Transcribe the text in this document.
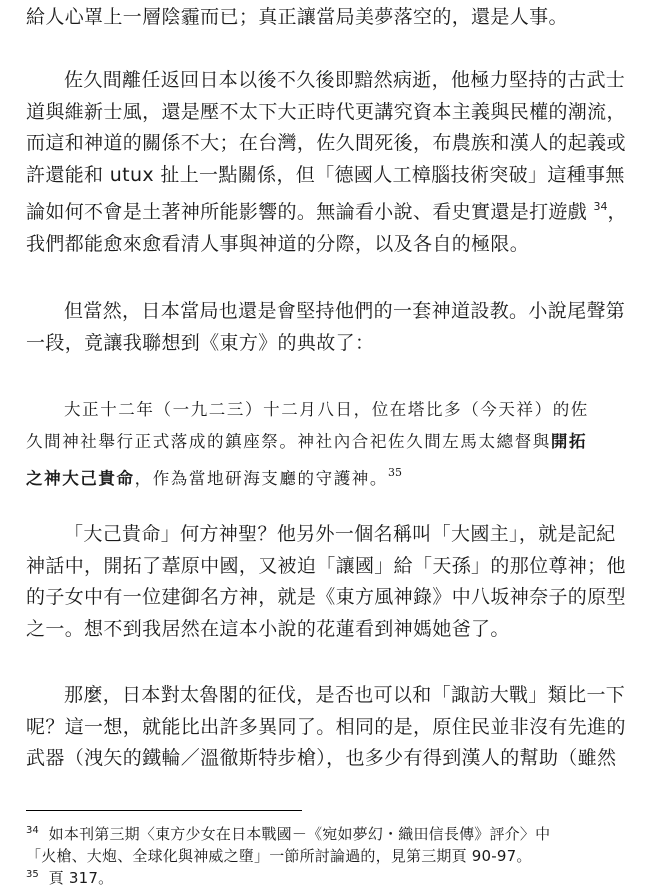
給人心罩上一層陰霾而已；真正讓當局美夢落空的，還是人事。

佐久間離任返回日本以後不久後即黯然病逝，他極力堅持的古武士
道與維新士風，還是壓不太下大正時代更講究資本主義與民權的潮流，
而這和神道的關係不大；在台灣，佐久間死後，布農族和漢人的起義或
許還能和 utux 扯上一點關係，但「德國人工樟腦技術突破」這種事無
論如何不會是土著神所能影響的。無論看小說、看史實還是打遊戲 $^{34}$，
我們都能愈來愈看清人事與神道的分際，以及各自的極限。

但當然，日本當局也還是會堅持他們的一套神道設教。小說尾聲第
一段，竟讓我聯想到《東方》的典故了：

大正十二年（一九二三）十二月八日，位在塔比多（今天祥）的佐
久間神社舉行正式落成的鎮座祭。神社內合祀佐久間左馬太總督與開拓
之神大己貴命，作為當地研海支廳的守護神。$^{35}$

「大己貴命」何方神聖？他另外一個名稱叫「大國主」，就是記紀
神話中，開拓了葦原中國，又被迫「讓國」給「天孫」的那位尊神；他
的子女中有一位建御名方神，就是《東方風神錄》中八坂神奈子的原型
之一。想不到我居然在這本小說的花蓮看到神媽她爸了。

那麼，日本對太魯閣的征伐，是否也可以和「諏訪大戰」類比一下
呢？這一想，就能比出許多異同了。相同的是，原住民並非沒有先進的
武器（洩矢的鐵輪／溫徹斯特步槍），也多少有得到漢人的幫助（雖然

$^{34}$ 如本刊第三期〈東方少女在日本戰國－《宛如夢幻・織田信長傳》評介〉中
「火槍、大炮、全球化與神威之墮」一節所討論過的，見第三期頁 90-97。
$^{35}$ 頁 317。
